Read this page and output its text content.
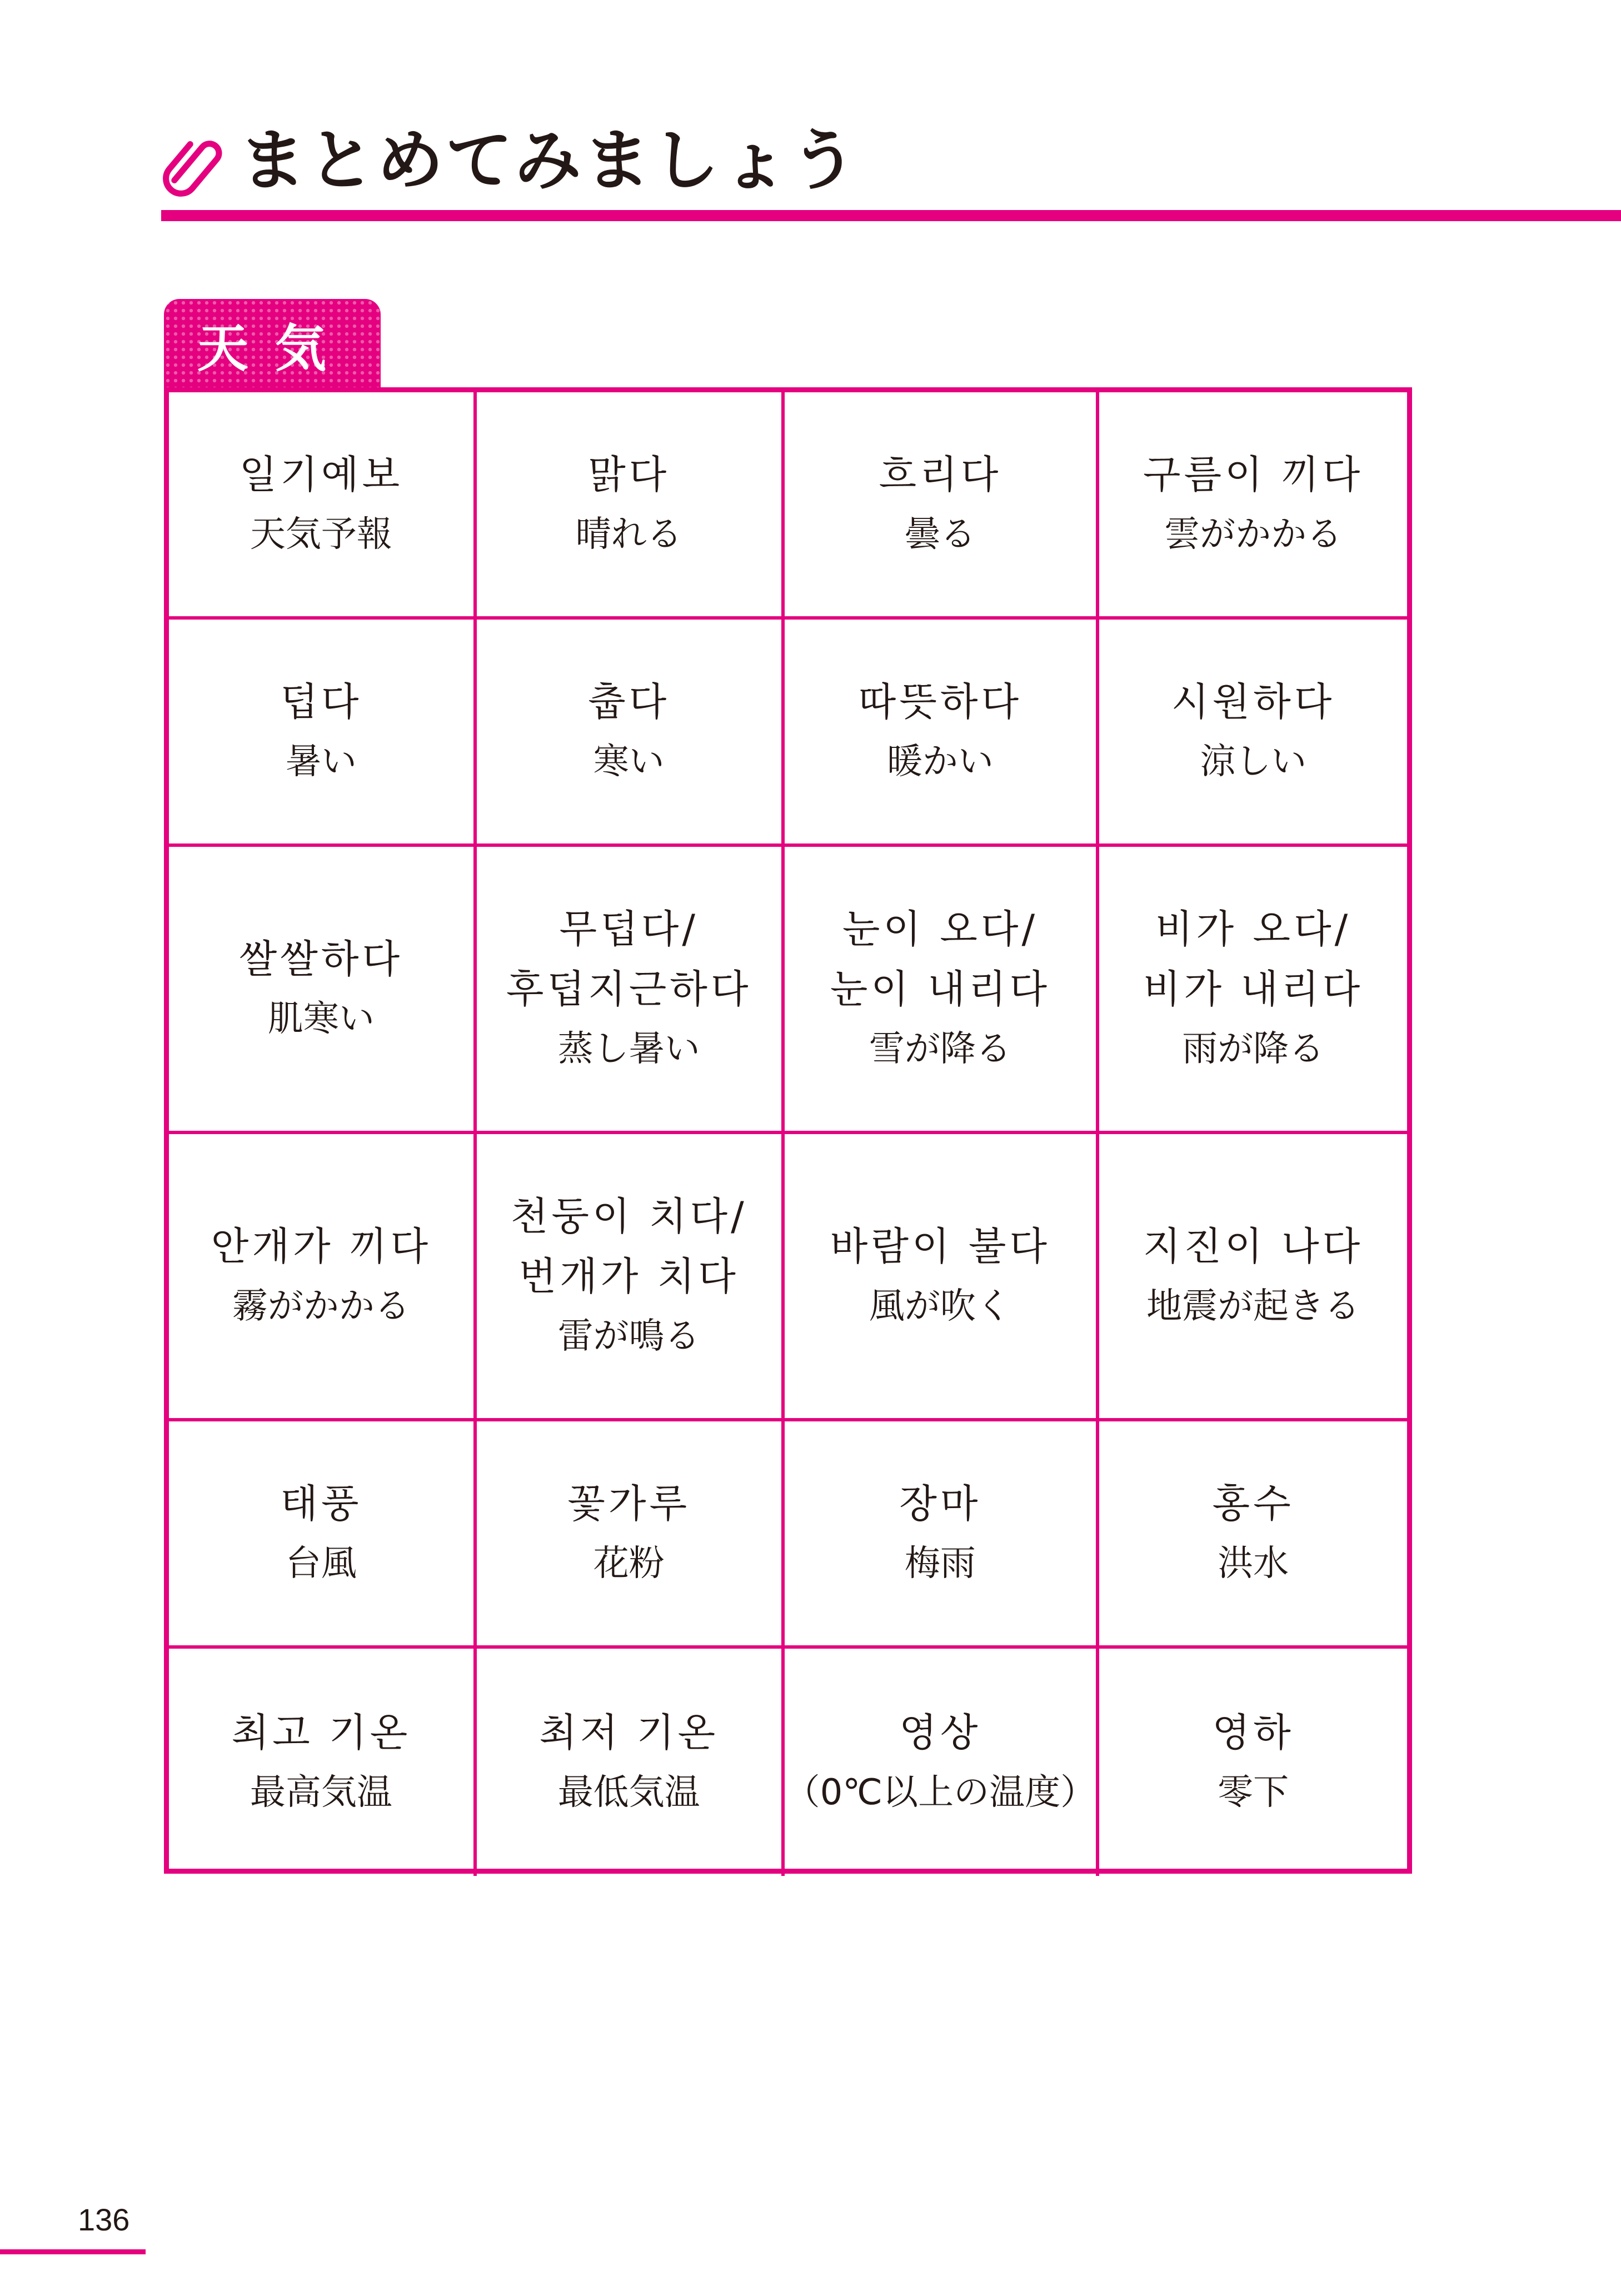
まとめてみましょう
天気
일기예보
天気予報
맑다
晴れる
흐리다
曇る
구름이 끼다
雲がかかる
덥다
暑い
춥다
寒い
따뜻하다
暖かい
시원하다
涼しい
쌀쌀하다
肌寒い
무덥다/
후덥지근하다
蒸し暑い
눈이 오다/
눈이 내리다
雪が降る
비가 오다/
비가 내리다
雨が降る
안개가 끼다
霧がかかる
천둥이 치다/
번개가 치다
雷が鳴る
바람이 불다
風が吹く
지진이 나다
地震が起きる
태풍
台風
꽃가루
花粉
장마
梅雨
홍수
洪水
최고 기온
最高気温
최저 기온
最低気温
영상
（0℃以上の温度）
영하
零下
136
